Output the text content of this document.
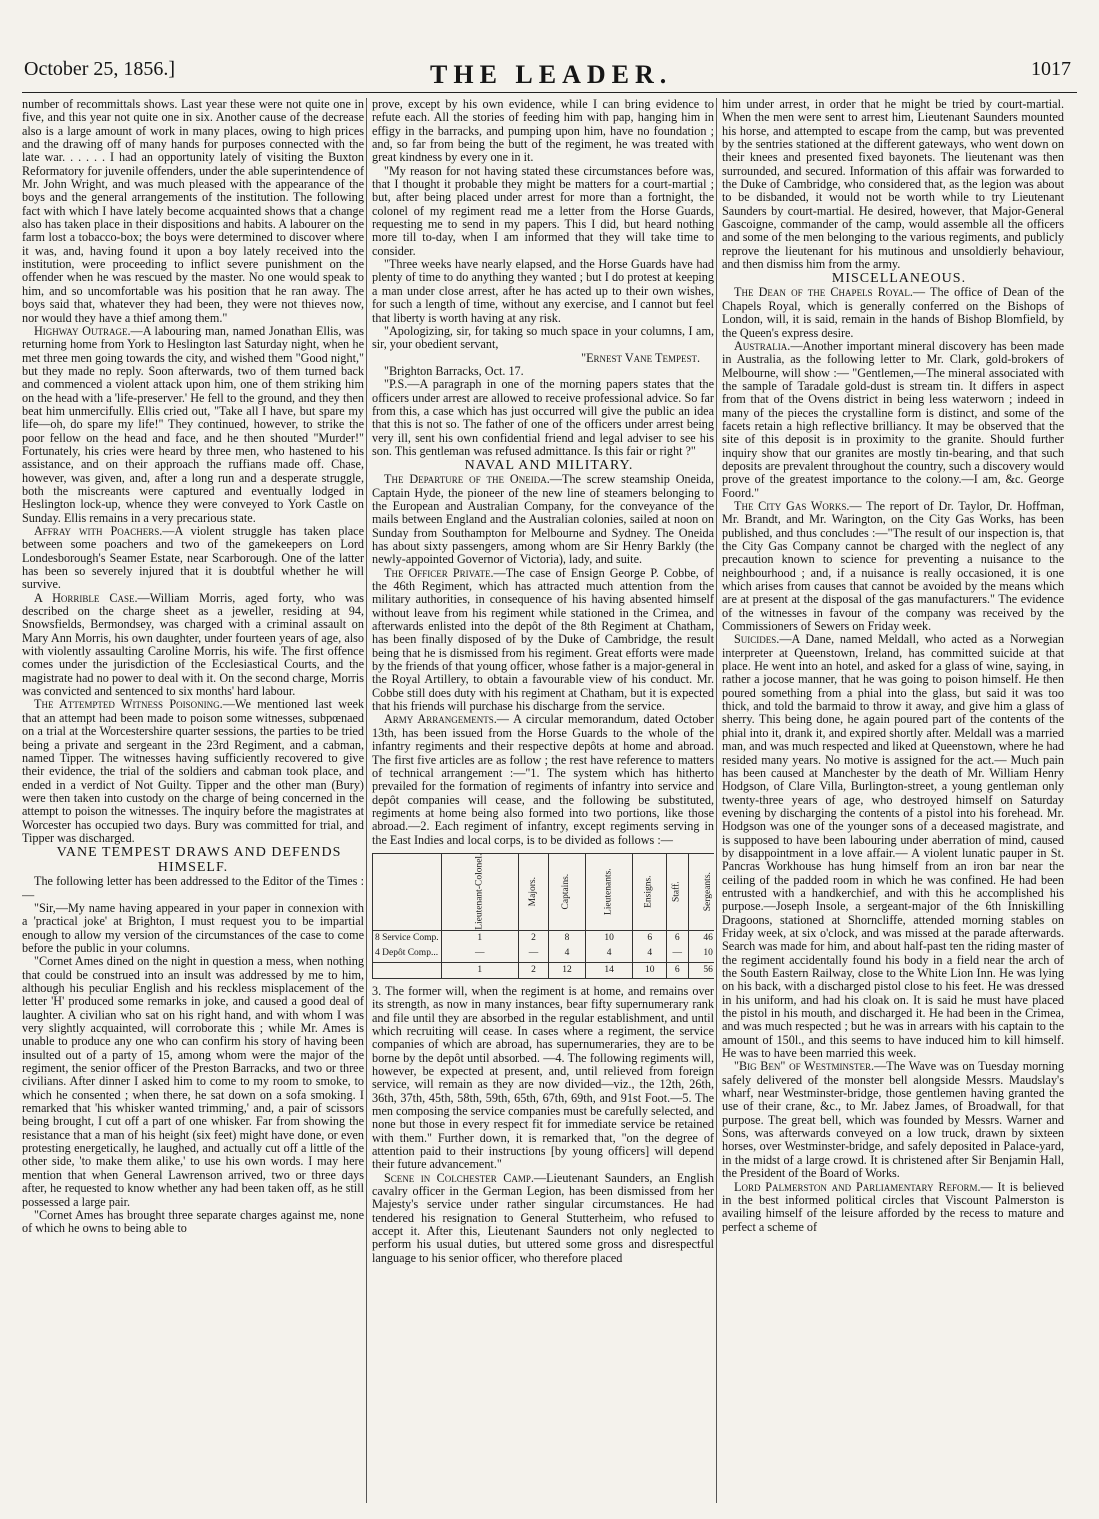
October 25, 1856.]	THE LEADER.	1017

number of recommittals shows. Last year these were not quite one in five, and this year not quite one in six. Another cause of the decrease also is a large amount of work in many places, owing to high prices and the drawing off of many hands for purposes connected with the late war. . . . . . I had an opportunity lately of visiting the Buxton Reformatory for juvenile offenders, under the able superintendence of Mr. John Wright, and was much pleased with the appearance of the boys and the general arrangements of the institution. The following fact with which I have lately become acquainted shows that a change also has taken place in their dispositions and habits. A labourer on the farm lost a tobacco-box; the boys were determined to discover where it was, and, having found it upon a boy lately received into the institution, were proceeding to inflict severe punishment on the offender when he was rescued by the master. No one would speak to him, and so uncomfortable was his position that he ran away. The boys said that, whatever they had been, they were not thieves now, nor would they have a thief among them."

Highway Outrage.—A labouring man, named Jonathan Ellis, was returning home from York to Heslington last Saturday night, when he met three men going towards the city, and wished them "Good night," but they made no reply. Soon afterwards, two of them turned back and commenced a violent attack upon him, one of them striking him on the head with a 'life-preserver.' He fell to the ground, and they then beat him unmercifully. Ellis cried out, "Take all I have, but spare my life—oh, do spare my life!" They continued, however, to strike the poor fellow on the head and face, and he then shouted "Murder!" Fortunately, his cries were heard by three men, who hastened to his assistance, and on their approach the ruffians made off. Chase, however, was given, and, after a long run and a desperate struggle, both the miscreants were captured and eventually lodged in Heslington lock-up, whence they were conveyed to York Castle on Sunday. Ellis remains in a very precarious state.

Affray with Poachers.—A violent struggle has taken place between some poachers and two of the gamekeepers on Lord Londesborough's Seamer Estate, near Scarborough. One of the latter has been so severely injured that it is doubtful whether he will survive.

A Horrible Case.—William Morris, aged forty, who was described on the charge sheet as a jeweller, residing at 94, Snowsfields, Bermondsey, was charged with a criminal assault on Mary Ann Morris, his own daughter, under fourteen years of age, also with violently assaulting Caroline Morris, his wife. The first offence comes under the jurisdiction of the Ecclesiastical Courts, and the magistrate had no power to deal with it. On the second charge, Morris was convicted and sentenced to six months' hard labour.

The Attempted Witness Poisoning.—We mentioned last week that an attempt had been made to poison some witnesses, subpœnaed on a trial at the Worcestershire quarter sessions, the parties to be tried being a private and sergeant in the 23rd Regiment, and a cabman, named Tipper. The witnesses having sufficiently recovered to give their evidence, the trial of the soldiers and cabman took place, and ended in a verdict of Not Guilty. Tipper and the other man (Bury) were then taken into custody on the charge of being concerned in the attempt to poison the witnesses. The inquiry before the magistrates at Worcester has occupied two days. Bury was committed for trial, and Tipper was discharged.

VANE TEMPEST DRAWS AND DEFENDS HIMSELF.

The following letter has been addressed to the Editor of the Times :—

"Sir,—My name having appeared in your paper in connexion with a 'practical joke' at Brighton, I must request you to be impartial enough to allow my version of the circumstances of the case to come before the public in your columns.

"Cornet Ames dined on the night in question a mess, when nothing that could be construed into an insult was addressed by me to him, although his peculiar English and his reckless misplacement of the letter 'H' produced some remarks in joke, and caused a good deal of laughter. A civilian who sat on his right hand, and with whom I was very slightly acquainted, will corroborate this ; while Mr. Ames is unable to produce any one who can confirm his story of having been insulted out of a party of 15, among whom were the major of the regiment, the senior officer of the Preston Barracks, and two or three civilians. After dinner I asked him to come to my room to smoke, to which he consented ; when there, he sat down on a sofa smoking. I remarked that 'his whisker wanted trimming,' and, a pair of scissors being brought, I cut off a part of one whisker. Far from showing the resistance that a man of his height (six feet) might have done, or even protesting energetically, he laughed, and actually cut off a little of the other side, 'to make them alike,' to use his own words. I may here mention that when General Lawrenson arrived, two or three days after, he requested to know whether any had been taken off, as he still possessed a large pair.

"Cornet Ames has brought three separate charges against me, none of which he owns to being able to

prove, except by his own evidence, while I can bring evidence to refute each. All the stories of feeding him with pap, hanging him in effigy in the barracks, and pumping upon him, have no foundation ; and, so far from being the butt of the regiment, he was treated with great kindness by every one in it.

"My reason for not having stated these circumstances before was, that I thought it probable they might be matters for a court-martial ; but, after being placed under arrest for more than a fortnight, the colonel of my regiment read me a letter from the Horse Guards, requesting me to send in my papers. This I did, but heard nothing more till to-day, when I am informed that they will take time to consider.

"Three weeks have nearly elapsed, and the Horse Guards have had plenty of time to do anything they wanted ; but I do protest at keeping a man under close arrest, after he has acted up to their own wishes, for such a length of time, without any exercise, and I cannot but feel that liberty is worth having at any risk.

"Apologizing, sir, for taking so much space in your columns, I am, sir, your obedient servant,

"Ernest Vane Tempest.

"Brighton Barracks, Oct. 17.

"P.S.—A paragraph in one of the morning papers states that the officers under arrest are allowed to receive professional advice. So far from this, a case which has just occurred will give the public an idea that this is not so. The father of one of the officers under arrest being very ill, sent his own confidential friend and legal adviser to see his son. This gentleman was refused admittance. Is this fair or right ?"

NAVAL AND MILITARY.

The Departure of the Oneida.—The screw steamship Oneida, Captain Hyde, the pioneer of the new line of steamers belonging to the European and Australian Company, for the conveyance of the mails between England and the Australian colonies, sailed at noon on Sunday from Southampton for Melbourne and Sydney. The Oneida has about sixty passengers, among whom are Sir Henry Barkly (the newly-appointed Governor of Victoria), lady, and suite.

The Officer Private.—The case of Ensign George P. Cobbe, of the 46th Regiment, which has attracted much attention from the military authorities, in consequence of his having absented himself without leave from his regiment while stationed in the Crimea, and afterwards enlisted into the depôt of the 8th Regiment at Chatham, has been finally disposed of by the Duke of Cambridge, the result being that he is dismissed from his regiment. Great efforts were made by the friends of that young officer, whose father is a major-general in the Royal Artillery, to obtain a favourable view of his conduct. Mr. Cobbe still does duty with his regiment at Chatham, but it is expected that his friends will purchase his discharge from the service.

Army Arrangements.— A circular memorandum, dated October 13th, has been issued from the Horse Guards to the whole of the infantry regiments and their respective depôts at home and abroad. The first five articles are as follow ; the rest have reference to matters of technical arrangement :—"1. The system which has hitherto prevailed for the formation of regiments of infantry into service and depôt companies will cease, and the following be substituted, regiments at home being also formed into two portions, like those abroad.—2. Each regiment of infantry, except regiments serving in the East Indies and local corps, is to be divided as follows :—

	Lieutenant-Colonel.	Majors.	Captains.	Lieutenants.	Ensigns.	Staff.	Sergeants.		
8 Service Comp.	1	2	8	10	6	6	46		
4 Depôt Comp...	—	—	4	4	4	—	10		
	1	2	12	14	10	6	56		

3. The former will, when the regiment is at home, and remains over its strength, as now in many instances, bear fifty supernumerary rank and file until they are absorbed in the regular establishment, and until which recruiting will cease. In cases where a regiment, the service companies of which are abroad, has supernumeraries, they are to be borne by the depôt until absorbed. —4. The following regiments will, however, be expected at present, and, until relieved from foreign service, will remain as they are now divided—viz., the 12th, 26th, 36th, 37th, 45th, 58th, 59th, 65th, 67th, 69th, and 91st Foot.—5. The men composing the service companies must be carefully selected, and none but those in every respect fit for immediate service be retained with them." Further down, it is remarked that, "on the degree of attention paid to their instructions [by young officers] will depend their future advancement."

Scene in Colchester Camp.—Lieutenant Saunders, an English cavalry officer in the German Legion, has been dismissed from her Majesty's service under rather singular circumstances. He had tendered his resignation to General Stutterheim, who refused to accept it. After this, Lieutenant Saunders not only neglected to perform his usual duties, but uttered some gross and disrespectful language to his senior officer, who therefore placed

him under arrest, in order that he might be tried by court-martial. When the men were sent to arrest him, Lieutenant Saunders mounted his horse, and attempted to escape from the camp, but was prevented by the sentries stationed at the different gateways, who went down on their knees and presented fixed bayonets. The lieutenant was then surrounded, and secured. Information of this affair was forwarded to the Duke of Cambridge, who considered that, as the legion was about to be disbanded, it would not be worth while to try Lieutenant Saunders by court-martial. He desired, however, that Major-General Gascoigne, commander of the camp, would assemble all the officers and some of the men belonging to the various regiments, and publicly reprove the lieutenant for his mutinous and unsoldierly behaviour, and then dismiss him from the army.

MISCELLANEOUS.

The Dean of the Chapels Royal.— The office of Dean of the Chapels Royal, which is generally conferred on the Bishops of London, will, it is said, remain in the hands of Bishop Blomfield, by the Queen's express desire.

Australia.—Another important mineral discovery has been made in Australia, as the following letter to Mr. Clark, gold-brokers of Melbourne, will show :— "Gentlemen,—The mineral associated with the sample of Taradale gold-dust is stream tin. It differs in aspect from that of the Ovens district in being less waterworn ; indeed in many of the pieces the crystalline form is distinct, and some of the facets retain a high reflective brilliancy. It may be observed that the site of this deposit is in proximity to the granite. Should further inquiry show that our granites are mostly tin-bearing, and that such deposits are prevalent throughout the country, such a discovery would prove of the greatest importance to the colony.—I am, &c. George Foord."

The City Gas Works.— The report of Dr. Taylor, Dr. Hoffman, Mr. Brandt, and Mr. Warington, on the City Gas Works, has been published, and thus concludes :—"The result of our inspection is, that the City Gas Company cannot be charged with the neglect of any precaution known to science for preventing a nuisance to the neighbourhood ; and, if a nuisance is really occasioned, it is one which arises from causes that cannot be avoided by the means which are at present at the disposal of the gas manufacturers." The evidence of the witnesses in favour of the company was received by the Commissioners of Sewers on Friday week.

Suicides.—A Dane, named Meldall, who acted as a Norwegian interpreter at Queenstown, Ireland, has committed suicide at that place. He went into an hotel, and asked for a glass of wine, saying, in rather a jocose manner, that he was going to poison himself. He then poured something from a phial into the glass, but said it was too thick, and told the barmaid to throw it away, and give him a glass of sherry. This being done, he again poured part of the contents of the phial into it, drank it, and expired shortly after. Meldall was a married man, and was much respected and liked at Queenstown, where he had resided many years. No motive is assigned for the act.— Much pain has been caused at Manchester by the death of Mr. William Henry Hodgson, of Clare Villa, Burlington-street, a young gentleman only twenty-three years of age, who destroyed himself on Saturday evening by discharging the contents of a pistol into his forehead. Mr. Hodgson was one of the younger sons of a deceased magistrate, and is supposed to have been labouring under aberration of mind, caused by disappointment in a love affair.— A violent lunatic pauper in St. Pancras Workhouse has hung himself from an iron bar near the ceiling of the padded room in which he was confined. He had been entrusted with a handkerchief, and with this he accomplished his purpose.—Joseph Insole, a sergeant-major of the 6th Inniskilling Dragoons, stationed at Shorncliffe, attended morning stables on Friday week, at six o'clock, and was missed at the parade afterwards. Search was made for him, and about half-past ten the riding master of the regiment accidentally found his body in a field near the arch of the South Eastern Railway, close to the White Lion Inn. He was lying on his back, with a discharged pistol close to his feet. He was dressed in his uniform, and had his cloak on. It is said he must have placed the pistol in his mouth, and discharged it. He had been in the Crimea, and was much respected ; but he was in arrears with his captain to the amount of 150l., and this seems to have induced him to kill himself. He was to have been married this week.

"Big Ben" of Westminster.—The Wave was on Tuesday morning safely delivered of the monster bell alongside Messrs. Maudslay's wharf, near Westminster-bridge, those gentlemen having granted the use of their crane, &c., to Mr. Jabez James, of Broadwall, for that purpose. The great bell, which was founded by Messrs. Warner and Sons, was afterwards conveyed on a low truck, drawn by sixteen horses, over Westminster-bridge, and safely deposited in Palace-yard, in the midst of a large crowd. It is christened after Sir Benjamin Hall, the President of the Board of Works.

Lord Palmerston and Parliamentary Reform.— It is believed in the best informed political circles that Viscount Palmerston is availing himself of the leisure afforded by the recess to mature and perfect a scheme of
